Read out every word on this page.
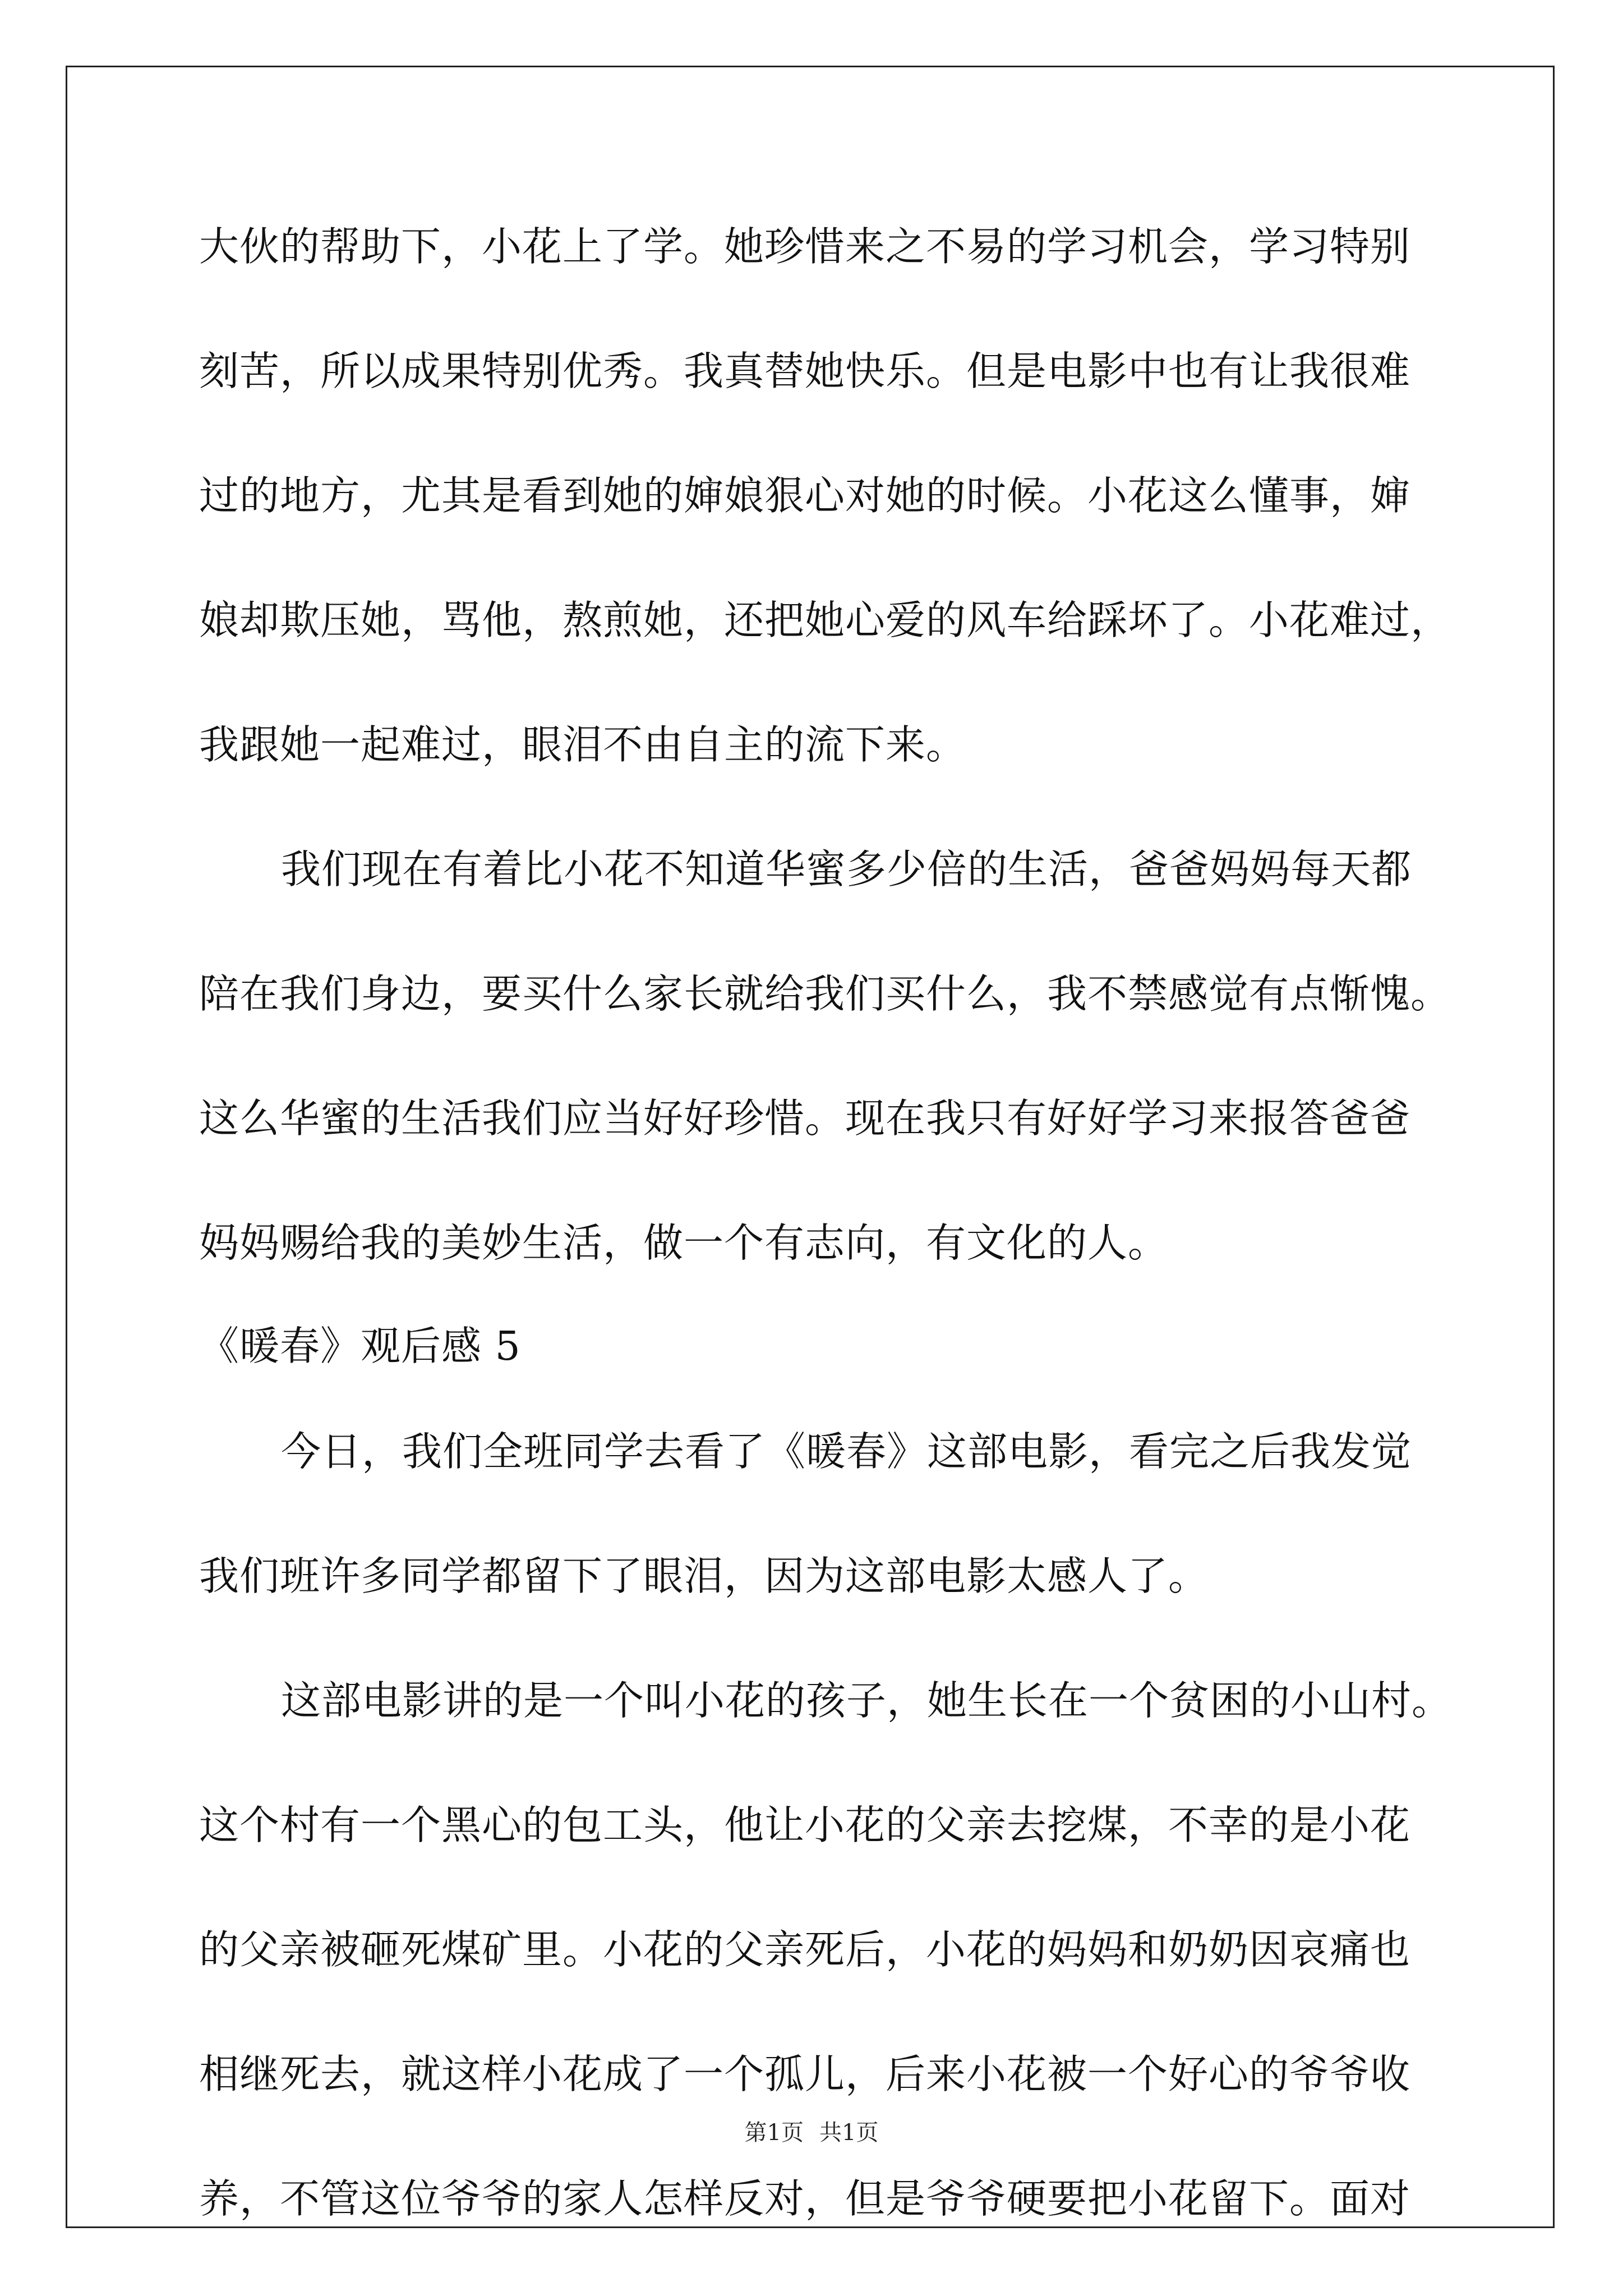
大伙的帮助下，小花上了学。她珍惜来之不易的学习机会，学习特别
刻苦，所以成果特别优秀。我真替她快乐。但是电影中也有让我很难
过的地方，尤其是看到她的婶娘狠心对她的时候。小花这么懂事，婶
娘却欺压她，骂他，熬煎她，还把她心爱的风车给踩坏了。小花难过，
我跟她一起难过，眼泪不由自主的流下来。
我们现在有着比小花不知道华蜜多少倍的生活，爸爸妈妈每天都
陪在我们身边，要买什么家长就给我们买什么，我不禁感觉有点惭愧。
这么华蜜的生活我们应当好好珍惜。现在我只有好好学习来报答爸爸
妈妈赐给我的美妙生活，做一个有志向，有文化的人。
《暖春》观后感 5
今日，我们全班同学去看了《暖春》这部电影，看完之后我发觉
我们班许多同学都留下了眼泪，因为这部电影太感人了。
这部电影讲的是一个叫小花的孩子，她生长在一个贫困的小山村。
这个村有一个黑心的包工头，他让小花的父亲去挖煤，不幸的是小花
的父亲被砸死煤矿里。小花的父亲死后，小花的妈妈和奶奶因哀痛也
相继死去，就这样小花成了一个孤儿，后来小花被一个好心的爷爷收
养，不管这位爷爷的家人怎样反对，但是爷爷硬要把小花留下。面对
第1页 共1页
